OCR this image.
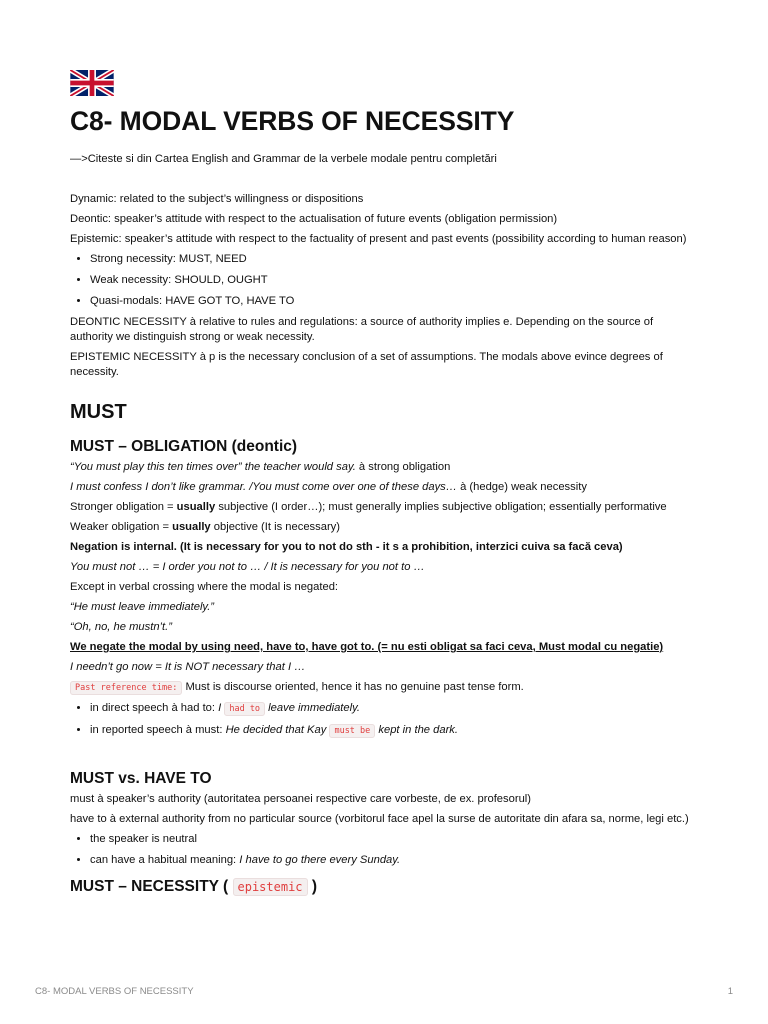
C8- MODAL VERBS OF NECESSITY

—>Citeste si din Cartea English and Grammar de la verbele modale pentru completări

Dynamic: related to the subject’s willingness or dispositions

Deontic: speaker’s attitude with respect to the actualisation of future events (obligation permission)

Epistemic: speaker’s attitude with respect to the factuality of present and past events (possibility according to human reason)

• Strong necessity: MUST, NEED
• Weak necessity: SHOULD, OUGHT
• Quasi-modals: HAVE GOT TO, HAVE TO

DEONTIC NECESSITY à relative to rules and regulations: a source of authority implies e. Depending on the source of authority we distinguish strong or weak necessity.

EPISTEMIC NECESSITY à p is the necessary conclusion of a set of assumptions. The modals above evince degrees of necessity.

MUST
MUST – OBLIGATION (deontic)

“You must play this ten times over” the teacher would say. à strong obligation

I must confess I don’t like grammar. /You must come over one of these days… à (hedge) weak necessity

Stronger obligation = usually subjective (I order…); must generally implies subjective obligation; essentially performative

Weaker obligation = usually objective (It is necessary)

Negation is internal. (It is necessary for you to not do sth - it s a prohibition, interzici cuiva sa facă ceva)

You must not … = I order you not to … / It is necessary for you not to …

Except in verbal crossing where the modal is negated:

“He must leave immediately.”

“Oh, no, he mustn’t.”

We negate the modal by using need, have to, have got to. (= nu esti obligat sa faci ceva, Must modal cu negatie)

I needn’t go now = It is NOT necessary that I …

Past reference time: Must is discourse oriented, hence it has no genuine past tense form.

• in direct speech à had to: I had to leave immediately.
• in reported speech à must: He decided that Kay must be kept in the dark.
MUST vs. HAVE TO

must à speaker’s authority (autoritatea persoanei respective care vorbeste, de ex. profesorul)

have to à external authority from no particular source (vorbitorul face apel la surse de autoritate din afara sa, norme, legi etc.)

• the speaker is neutral
• can have a habitual meaning: I have to go there every Sunday.
MUST – NECESSITY ( epistemic )
C8- MODAL VERBS OF NECESSITY	1
